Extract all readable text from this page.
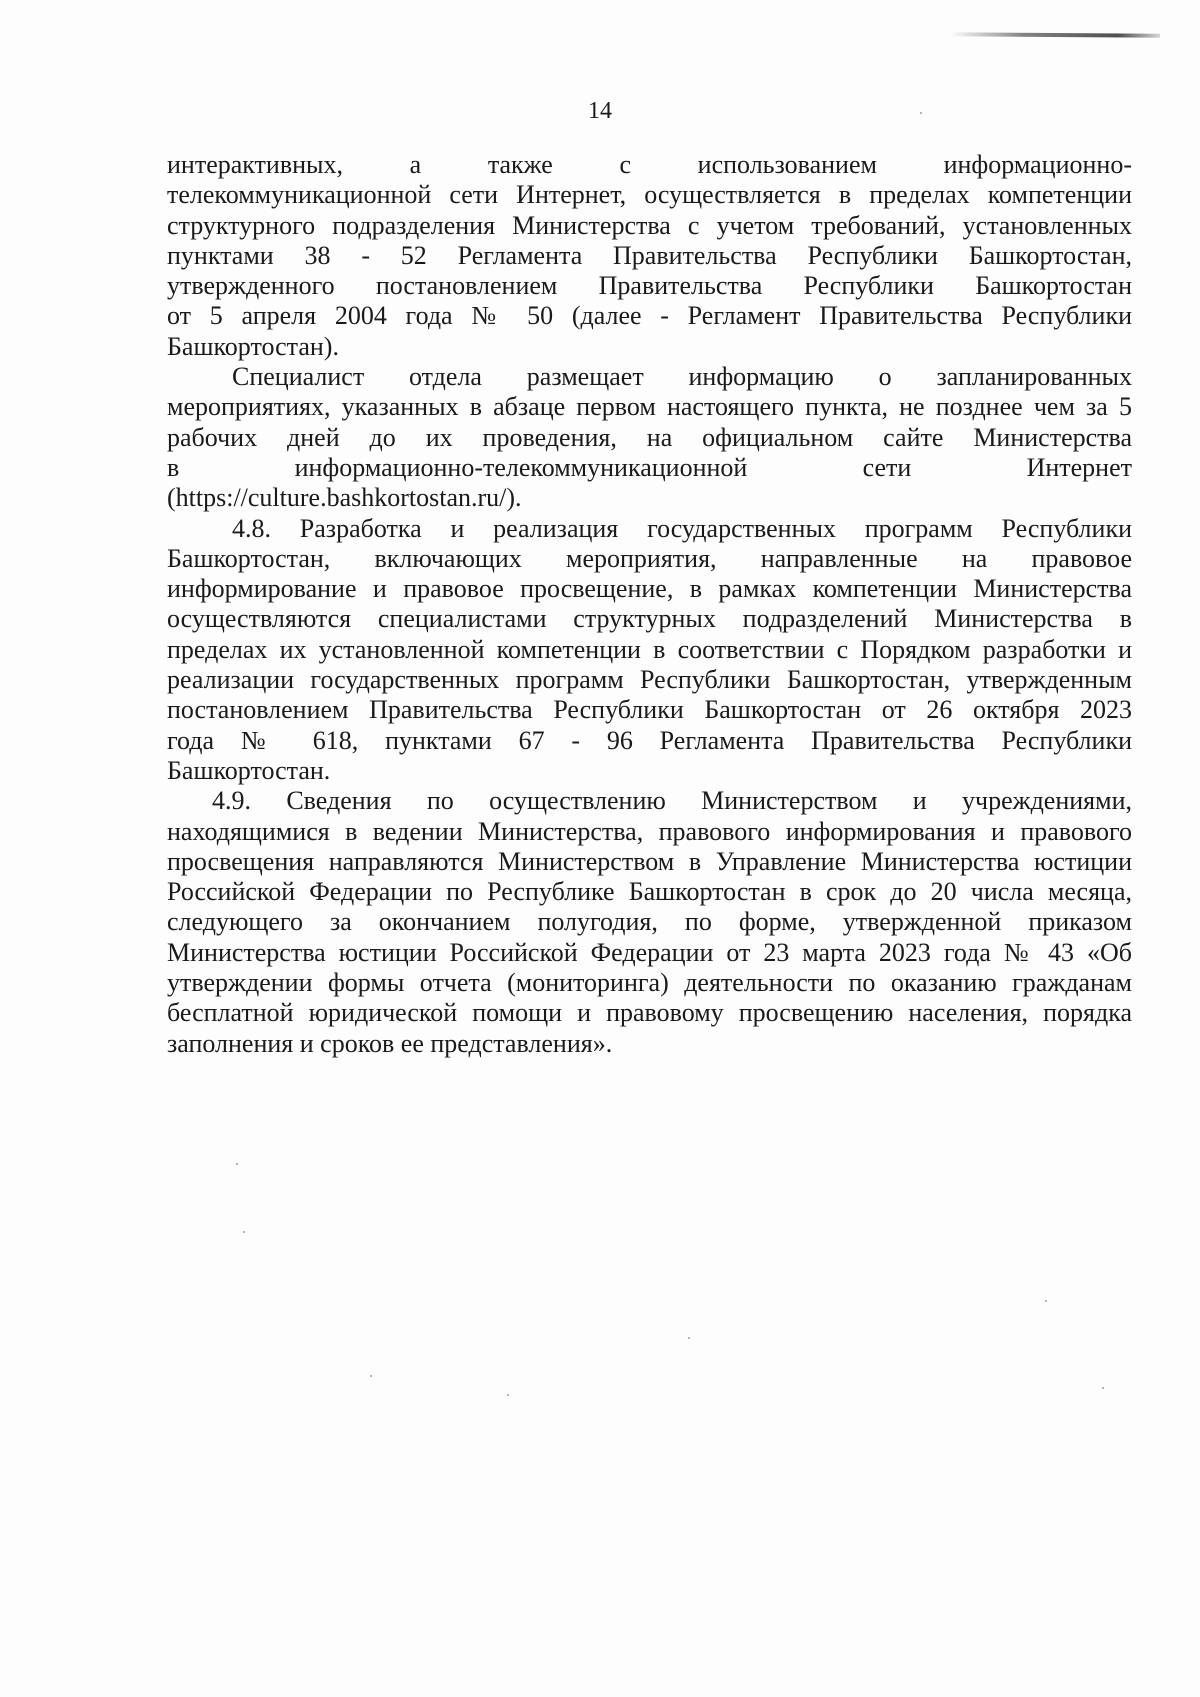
14

интерактивных, а также с использованием информационно-
телекоммуникационной сети Интернет, осуществляется в пределах компетенции
структурного подразделения Министерства с учетом требований, установленных
пунктами 38 - 52 Регламента Правительства Республики Башкортостан,
утвержденного постановлением Правительства Республики Башкортостан
от 5 апреля 2004 года № 50 (далее - Регламент Правительства Республики
Башкортостан).

Специалист отдела размещает информацию о запланированных
мероприятиях, указанных в абзаце первом настоящего пункта, не позднее чем за 5
рабочих дней до их проведения, на официальном сайте Министерства
в информационно-телекоммуникационной сети Интернет
(https://culture.bashkortostan.ru/).

4.8. Разработка и реализация государственных программ Республики
Башкортостан, включающих мероприятия, направленные на правовое
информирование и правовое просвещение, в рамках компетенции Министерства
осуществляются специалистами структурных подразделений Министерства в
пределах их установленной компетенции в соответствии с Порядком разработки и
реализации государственных программ Республики Башкортостан, утвержденным
постановлением Правительства Республики Башкортостан от 26 октября 2023
года № 618, пунктами 67 - 96 Регламента Правительства Республики
Башкортостан.

4.9. Сведения по осуществлению Министерством и учреждениями,
находящимися в ведении Министерства, правового информирования и правового
просвещения направляются Министерством в Управление Министерства юстиции
Российской Федерации по Республике Башкортостан в срок до 20 числа месяца,
следующего за окончанием полугодия, по форме, утвержденной приказом
Министерства юстиции Российской Федерации от 23 марта 2023 года № 43 «Об
утверждении формы отчета (мониторинга) деятельности по оказанию гражданам
бесплатной юридической помощи и правовому просвещению населения, порядка
заполнения и сроков ее представления».
